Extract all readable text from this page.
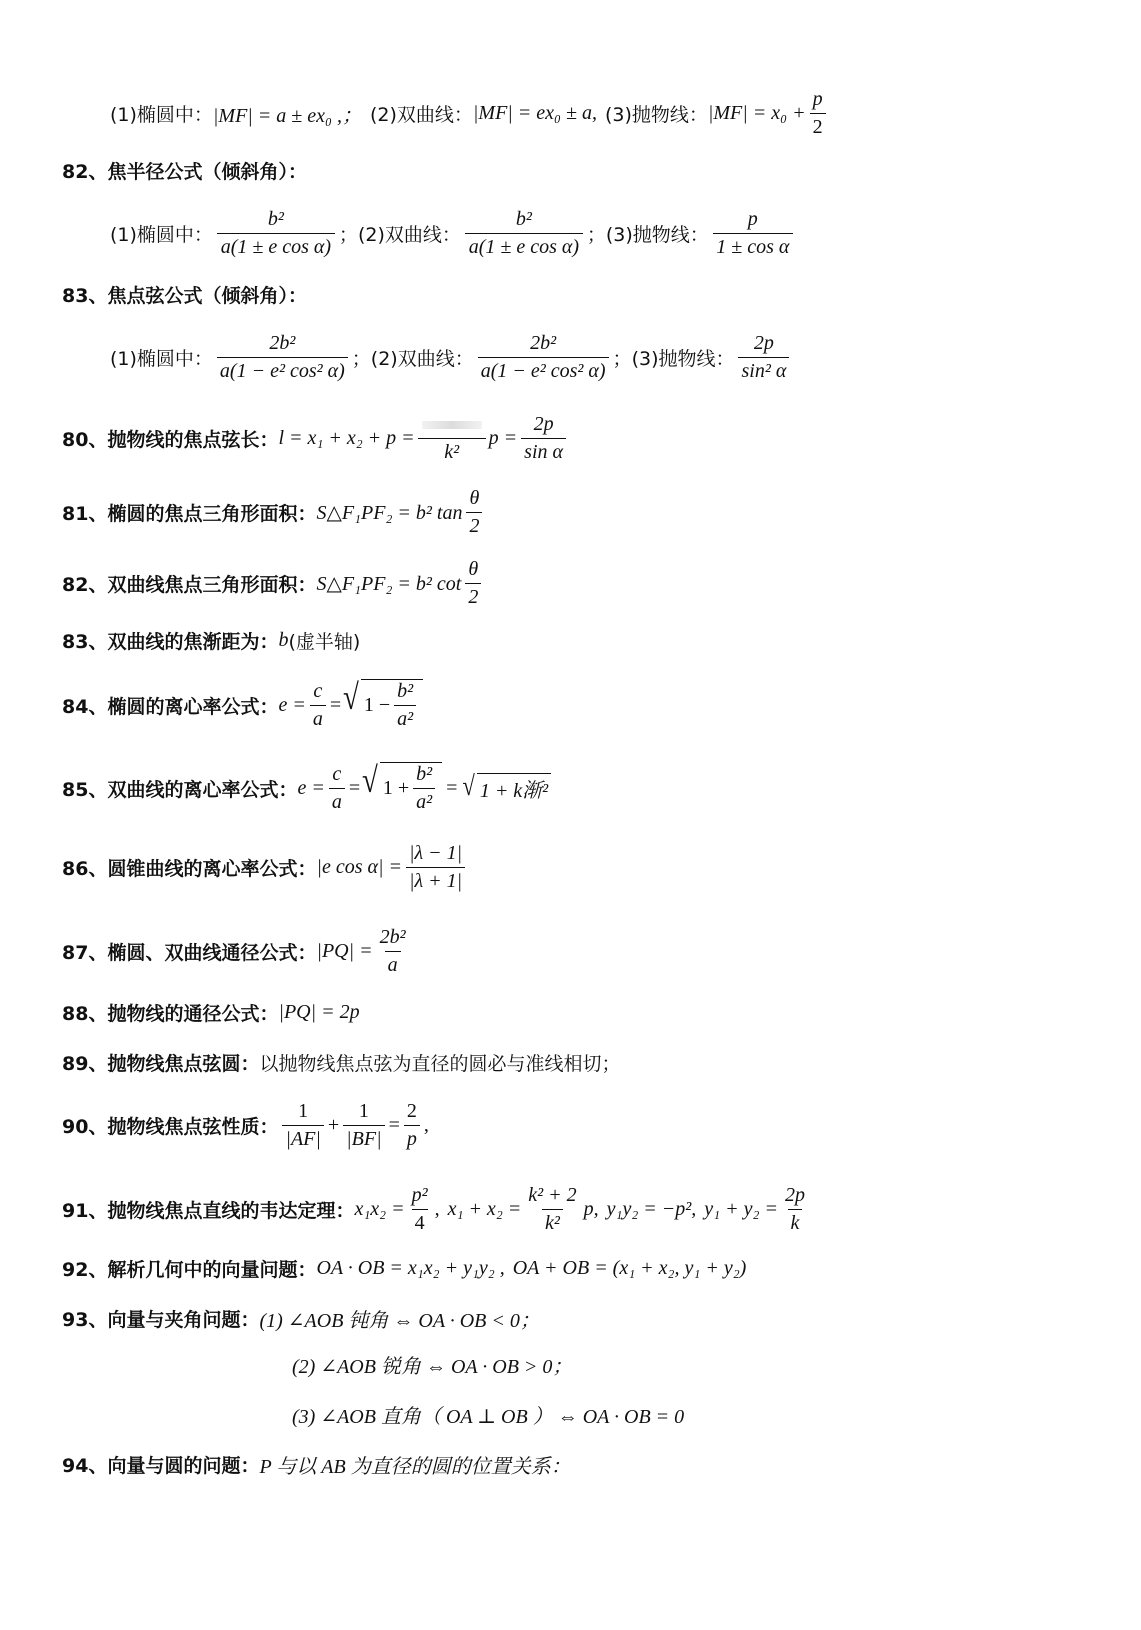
(1)椭圆中： |MF| = a ± ex₀ ,； (2)双曲线： |MF| = ex₀ ± a, (3)抛物线： $|MF| = x_0 + \frac{p}{2}$
82、焦半径公式（倾斜角）：
(1)椭圆中： $\frac{\text{b²}}{\text{a(1 ± e cos α)}}$ ； (2)双曲线： $\frac{\text{b²}}{\text{a(1 ± e cos α)}}$ ； (3)抛物线： $\frac{p}{\text{1 ± cos α}}$
83、焦点弦公式（倾斜角）：
(1)椭圆中： $\frac{\text{2b²}}{\text{a(1 − e² cos² α)}}$ ； (2)双曲线： $\frac{\text{2b²}}{\text{a(1 − e² cos² α)}}$ ； (3)抛物线： $\frac{2p}{\text{sin² α}}$
80、抛物线的焦点弦长： l = x₁ + x₂ + p =
k²
$p = \frac{2p}{\text{sin α}}$
81、椭圆的焦点三角形面积： S△F₁PF₂ = b² $\tan \frac{\theta}{2}$
82、双曲线焦点三角形面积： S△F₁PF₂ = b² $\cot \frac{\theta}{2}$
83、双曲线的焦渐距为： b (虚半轴)
84、椭圆的离心率公式： $e = \frac{c}{a}$ = √ $1 - \frac{\text{b²}}{\text{a²}}$
85、双曲线的离心率公式： $e = \frac{c}{a}$ = √ $1 + \frac{\text{b²}}{\text{a²}}$ = √ 1 + k渐²
86、圆锥曲线的离心率公式： |e $\cos \alpha| = \frac{|\lambda - 1|}{|\lambda + 1|}$
87、椭圆、双曲线通径公式： $|PQ| = \frac{\text{2b²}}{a}$
88、抛物线的通径公式： |PQ| = 2p
89、抛物线焦点弦圆： 以抛物线焦点弦为直径的圆必与准线相切；
90、抛物线焦点弦性质： $\frac{1}{|AF|} + \frac{1}{|BF|} = \frac{2}{p}$ ,
91、抛物线焦点直线的韦达定理： $x_1x_2 = \frac{\text{p²}}{4}$ , $x_1 + x_2 = \frac{\text{k² + 2}}{\text{k²}} p$, y₁y₂ = −p², $y_1 + y_2 = \frac{2p}{k}$
92、解析几何中的向量问题： OA · OB = x₁x₂ + y₁y₂ , OA + OB = (x₁ + x₂, y₁ + y₂)
93、向量与夹角问题： (1) ∠AOB 钝角 ⇔ OA · OB < 0；
(2) ∠AOB 锐角 ⇔ OA · OB > 0；
(3) ∠AOB 直角（ OA ⊥ OB ） ⇔ OA · OB = 0
94、向量与圆的问题： P 与以 AB 为直径的圆的位置关系：
